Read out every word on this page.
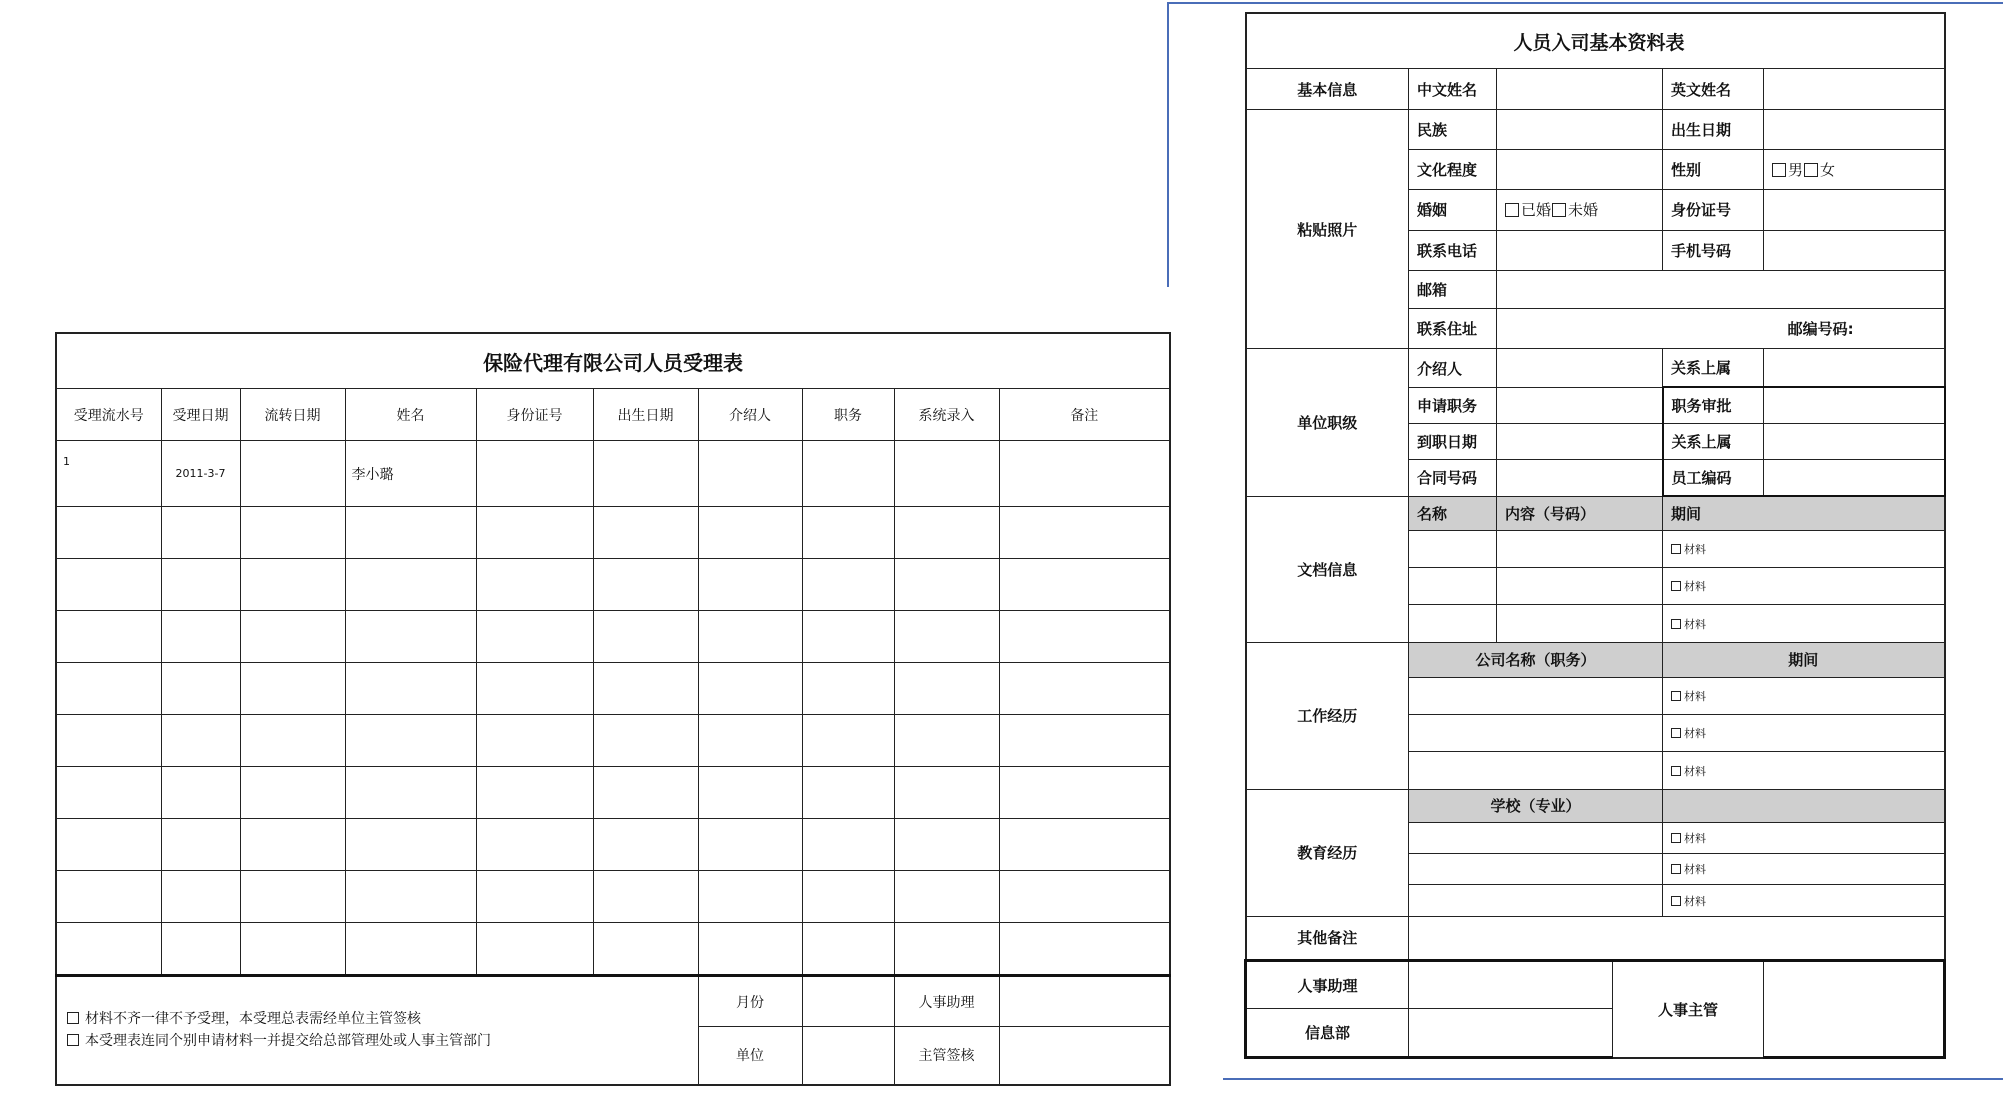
保险代理有限公司人员受理表									
受理流水号	受理日期	流转日期	姓名	身份证号	出生日期	介绍人	职务	系统录入	备注
1	2011-3-7		李小璐						

材料不齐一律不予受理，本受理总表需经单位主管签核
本受理表连同个别申请材料一并提交给总部管理处或人事主管部门						月份		人事助理	
						单位		主管签核	
人员入司基本资料表					
基本信息	中文姓名			英文姓名	
粘贴照片	民族			出生日期	
	文化程度			性别	男 女
	婚姻	已婚 未婚		身份证号	
	联系电话			手机号码	
	邮箱				
	联系住址	邮编号码:			
单位职级	介绍人			关系上属	
	申请职务			职务审批	
	到职日期			关系上属	
	合同号码			员工编码	
文档信息	名称	内容（号码）		期间	
				材料	
				材料	
				材料	
工作经历	公司名称（职务）			期间	
				材料	
				材料	
				材料	
教育经历	学校（专业）				
				材料	
				材料	
				材料	
其他备注					
人事助理			人事主管		
信息部					
